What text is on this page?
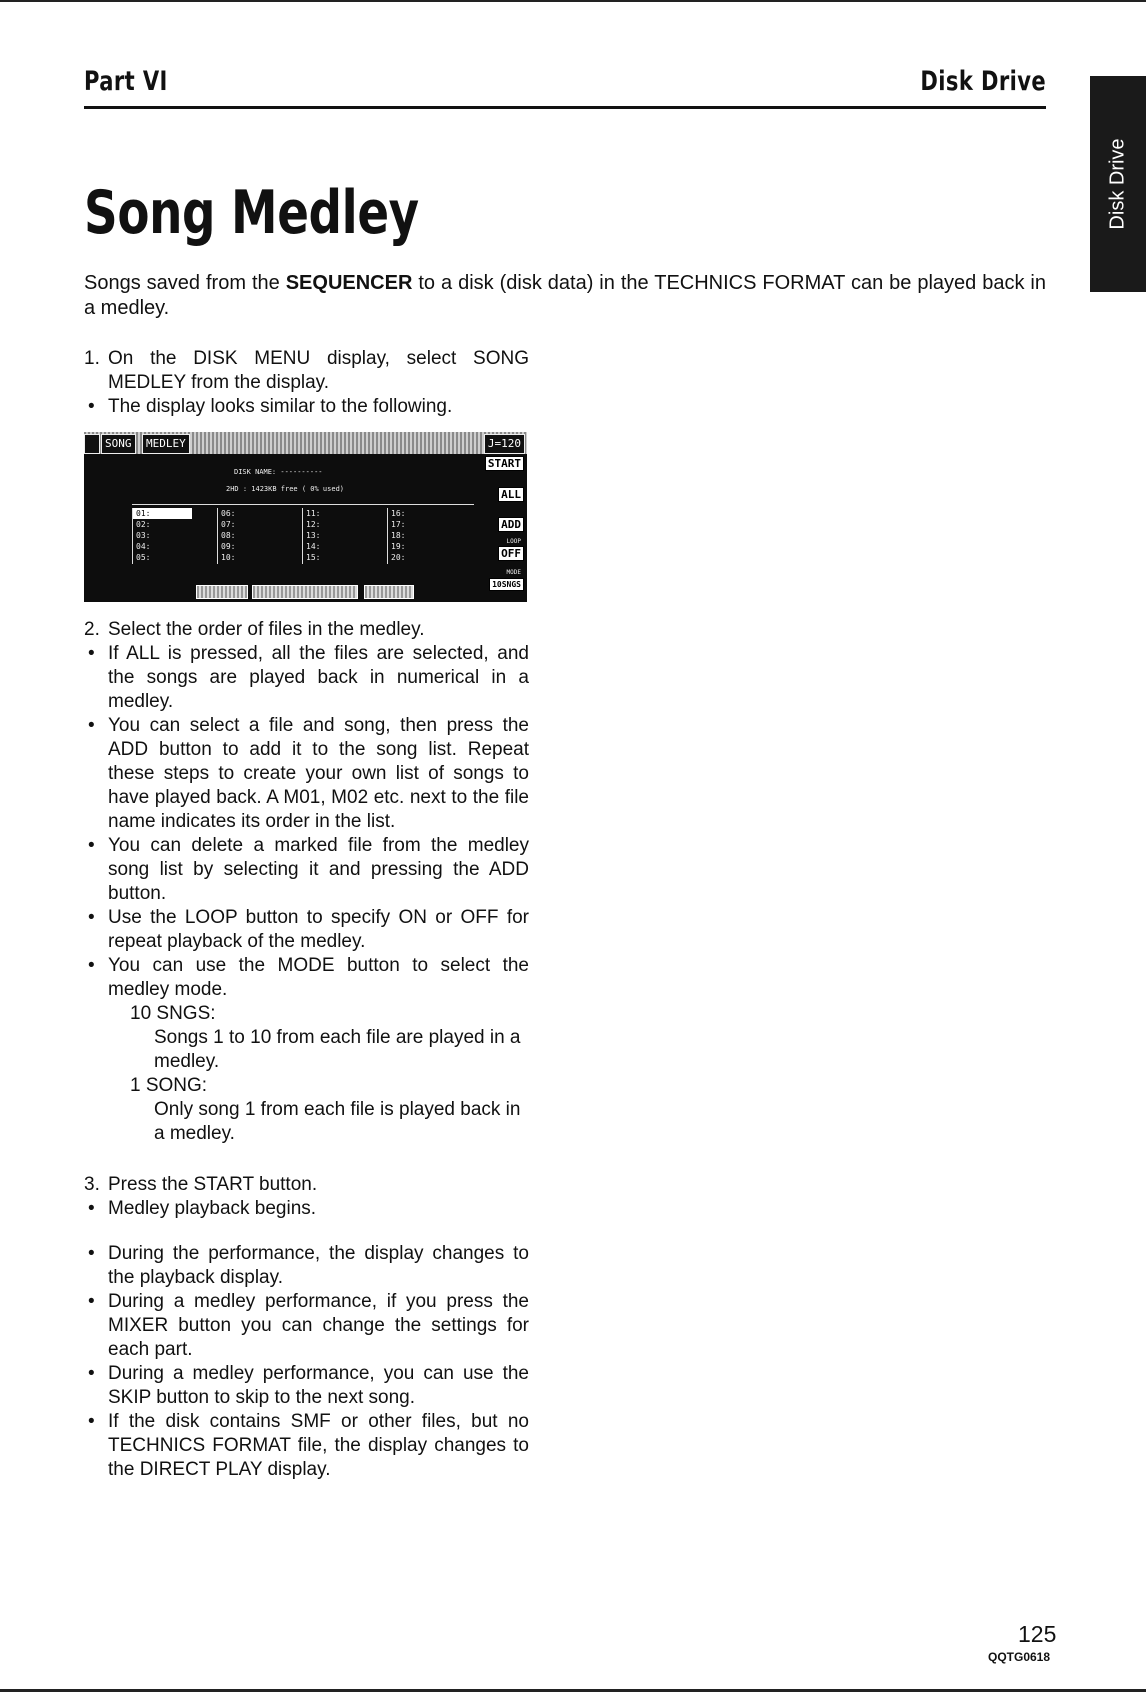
Part VI	Disk Drive
Disk Drive
Song Medley
Songs saved from the SEQUENCER to a disk (disk data) in the TECHNICS FORMAT can be played back in a medley.
1. On the DISK MENU display, select SONG MEDLEY from the display.
• The display looks similar to the following.
SONG	MEDLEY	J=120
DISK NAME: ----------
2HD : 1423KB free ( 0% used)
01:
02:
03:
04:
05:
06:
07:
08:
09:
10:
11:
12:
13:
14:
15:
16:
17:
18:
19:
20:
START
ALL
ADD
LOOP
OFF
MODE
10SNGS
2. Select the order of files in the medley.
• If ALL is pressed, all the files are selected, and the songs are played back in numerical in a medley.
• You can select a file and song, then press the ADD button to add it to the song list. Repeat these steps to create your own list of songs to have played back. A M01, M02 etc. next to the file name indicates its order in the list.
• You can delete a marked file from the medley song list by selecting it and pressing the ADD button.
• Use the LOOP button to specify ON or OFF for repeat playback of the medley.
• You can use the MODE button to select the medley mode.
10 SNGS:
Songs 1 to 10 from each file are played in a medley.
1 SONG:
Only song 1 from each file is played back in a medley.
3. Press the START button.
• Medley playback begins.
• During the performance, the display changes to the playback display.
• During a medley performance, if you press the MIXER button you can change the settings for each part.
• During a medley performance, you can use the SKIP button to skip to the next song.
• If the disk contains SMF or other files, but no TECHNICS FORMAT file, the display changes to the DIRECT PLAY display.
125
QQTG0618
